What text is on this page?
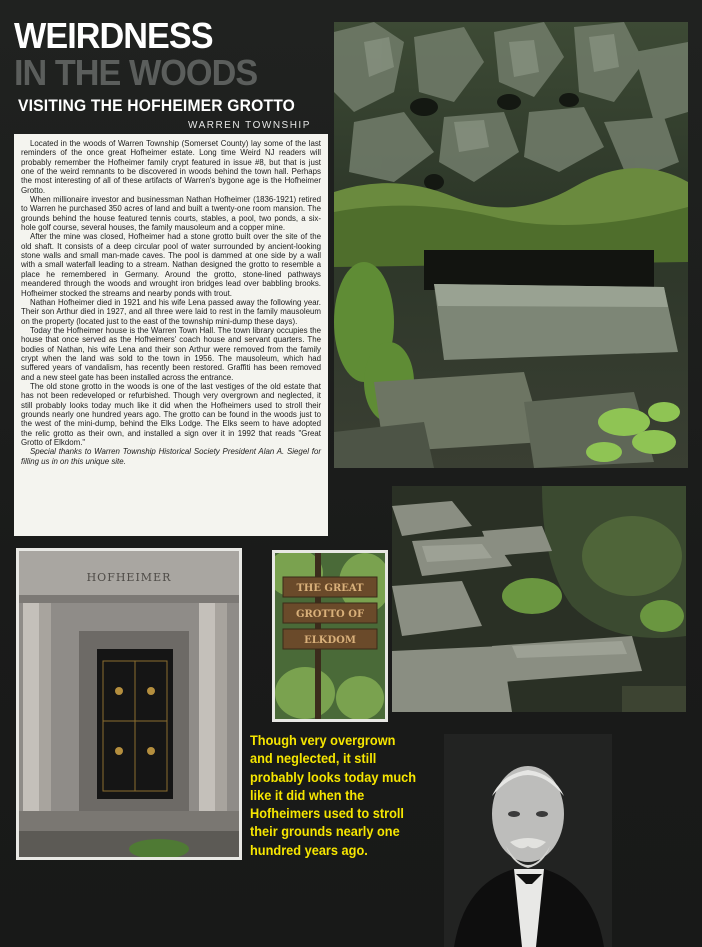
WEIRDNESS
IN THE WOODS
VISITING THE HOFHEIMER GROTTO
WARREN TOWNSHIP

Located in the woods of Warren Township (Somerset County) lay some of the last reminders of the once great Hofheimer estate. Long time Weird NJ readers will probably remember the Hofheimer family crypt featured in issue #8, but that is just one of the weird remnants to be discovered in woods behind the town hall. Perhaps the most interesting of all of these artifacts of Warren's bygone age is the Hofheimer Grotto.

When millionaire investor and businessman Nathan Hofheimer (1836-1921) retired to Warren he purchased 350 acres of land and built a twenty-one room mansion. The grounds behind the house featured tennis courts, stables, a pool, two ponds, a six-hole golf course, several houses, the family mausoleum and a copper mine.

After the mine was closed, Hofheimer had a stone grotto built over the site of the old shaft. It consists of a deep circular pool of water surrounded by ancient-looking stone walls and small man-made caves. The pool is dammed at one side by a wall with a small waterfall leading to a stream. Nathan designed the grotto to resemble a place he remembered in Germany. Around the grotto, stone-lined pathways meandered through the woods and wrought iron bridges lead over babbling brooks. Hofheimer stocked the streams and nearby ponds with trout.

Nathan Hofheimer died in 1921 and his wife Lena passed away the following year. Their son Arthur died in 1927, and all three were laid to rest in the family mausoleum on the property (located just to the east of the township mini-dump these days).

Today the Hofheimer house is the Warren Town Hall. The town library occupies the house that once served as the Hofheimers' coach house and servant quarters. The bodies of Nathan, his wife Lena and their son Arthur were removed from the family crypt when the land was sold to the town in 1956. The mausoleum, which had suffered years of vandalism, has recently been restored. Graffiti has been removed and a new steel gate has been installed across the entrance.

The old stone grotto in the woods is one of the last vestiges of the old estate that has not been redeveloped or refurbished. Though very overgrown and neglected, it still probably looks today much like it did when the Hofheimers used to stroll their grounds nearly one hundred years ago. The grotto can be found in the woods just to the west of the mini-dump, behind the Elks Lodge. The Elks seem to have adopted the relic grotto as their own, and installed a sign over it in 1992 that reads "Great Grotto of Elkdom."

Special thanks to Warren Township Historical Society President Alan A. Siegel for filling us in on this unique site.

THE GREAT
GROTTO OF
ELKDOM
HOFHEIMER

Though very overgrown and neglected, it still probably looks today much like it did when the Hofheimers used to stroll their grounds nearly one hundred years ago.
